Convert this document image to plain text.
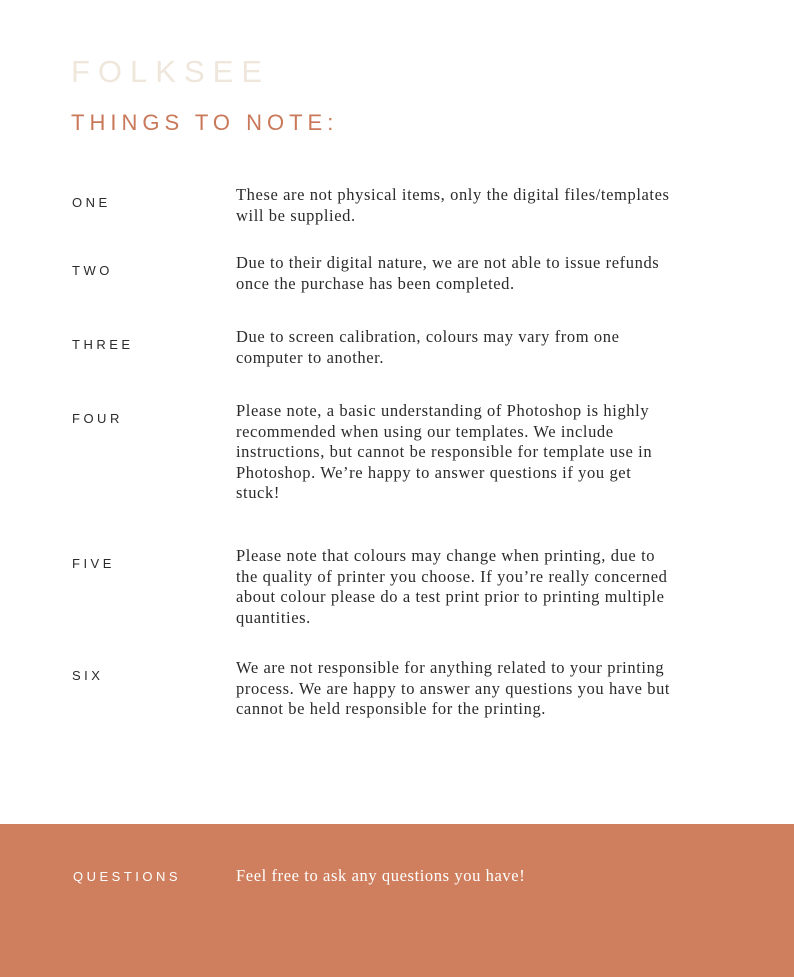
FOLKSEE
THINGS TO NOTE:
ONE	These are not physical items, only the digital files/templates will be supplied.
TWO	Due to their digital nature, we are not able to issue refunds once the purchase has been completed.
THREE	Due to screen calibration, colours may vary from one computer to another.
FOUR	Please note, a basic understanding of Photoshop is highly recommended when using our templates. We include instructions, but cannot be responsible for template use in Photoshop. We’re happy to answer questions if you get stuck!
FIVE	Please note that colours may change when printing, due to the quality of printer you choose. If you’re really concerned about colour please do a test print prior to printing multiple quantities.
SIX	We are not responsible for anything related to your printing process. We are happy to answer any questions you have but cannot be held responsible for the printing.
QUESTIONS	Feel free to ask any questions you have!
